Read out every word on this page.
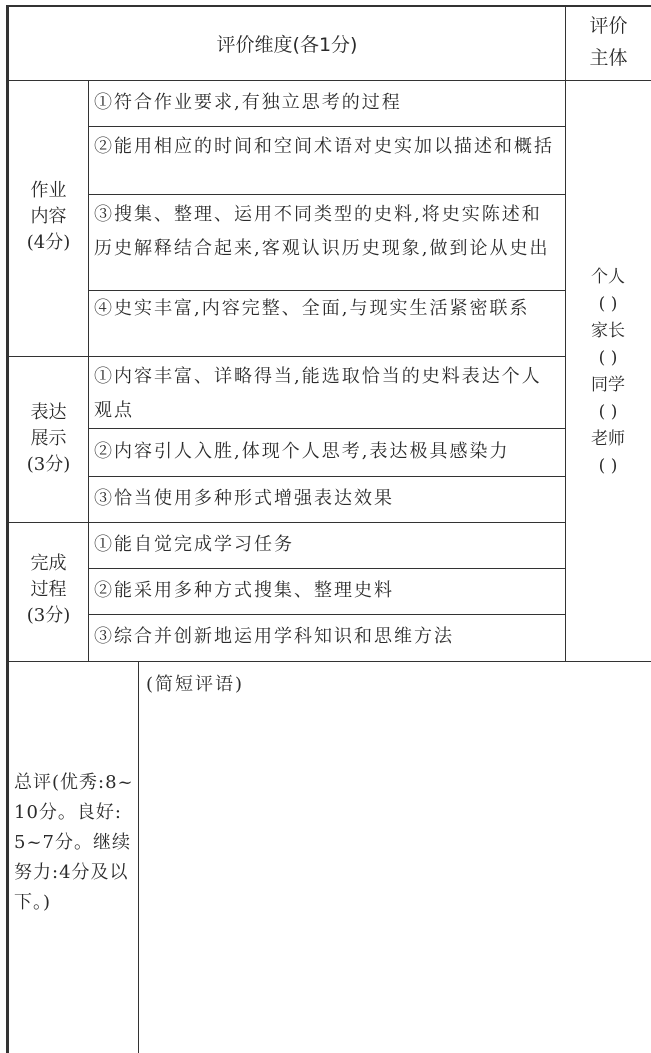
评价维度(各1分)
评价
主体
作业
内容
(4分)
表达
展示
(3分)
完成
过程
(3分)
①符合作业要求,有独立思考的过程
②能用相应的时间和空间术语对史实加以描述和概括
③搜集、整理、运用不同类型的史料,将史实陈述和历史解释结合起来,客观认识历史现象,做到论从史出
④史实丰富,内容完整、全面,与现实生活紧密联系
①内容丰富、详略得当,能选取恰当的史料表达个人观点
②内容引人入胜,体现个人思考,表达极具感染力
③恰当使用多种形式增强表达效果
①能自觉完成学习任务
②能采用多种方式搜集、整理史料
③综合并创新地运用学科知识和思维方法
个人
( )
家长
( )
同学
( )
老师
( )
总评(优秀:8~10分。良好:5~7分。继续努力:4分及以下。)
(简短评语)
